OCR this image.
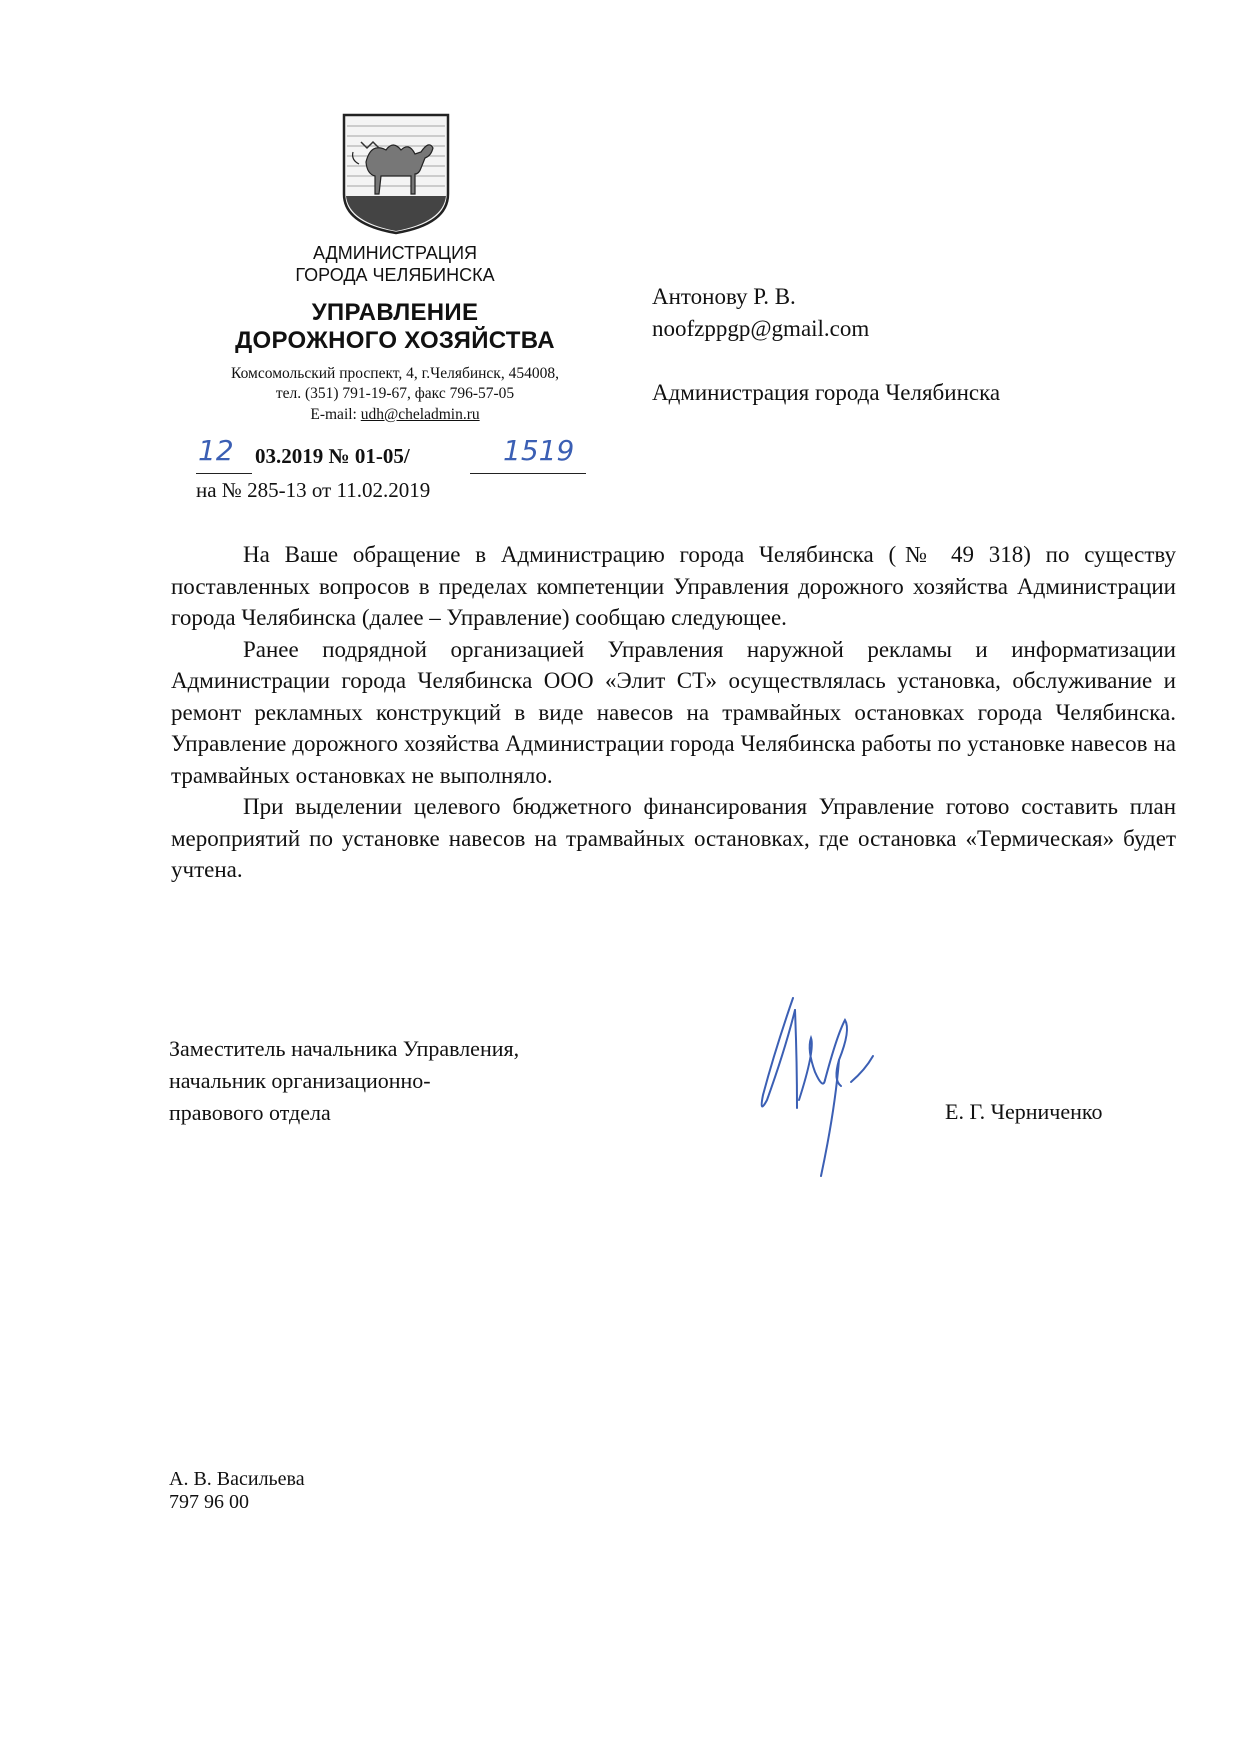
АДМИНИСТРАЦИЯ
ГОРОДА ЧЕЛЯБИНСКА
УПРАВЛЕНИЕ
ДОРОЖНОГО ХОЗЯЙСТВА
Комсомольский проспект, 4, г.Челябинск, 454008,
тел. (351) 791-19-67, факс 796-57-05
E-mail: udh@cheladmin.ru
12 03.2019 № 01-05/	1519
на № 285-13 от 11.02.2019
Антонову Р. В.
noofzppgp@gmail.com
Администрация города Челябинска

На Ваше обращение в Администрацию города Челябинска (№ 49 318) по существу поставленных вопросов в пределах компетенции Управления дорожного хозяйства Администрации города Челябинска (далее – Управление) сообщаю следующее.

Ранее подрядной организацией Управления наружной рекламы и информатизации Администрации города Челябинска ООО «Элит СТ» осуществлялась установка, обслуживание и ремонт рекламных конструкций в виде навесов на трамвайных остановках города Челябинска. Управление дорожного хозяйства Администрации города Челябинска работы по установке навесов на трамвайных остановках не выполняло.

При выделении целевого бюджетного финансирования Управление готово составить план мероприятий по установке навесов на трамвайных остановках, где остановка «Термическая» будет учтена.

Заместитель начальника Управления,
начальник организационно-
правового отдела	Е. Г. Черниченко
А. В. Васильева
797 96 00
